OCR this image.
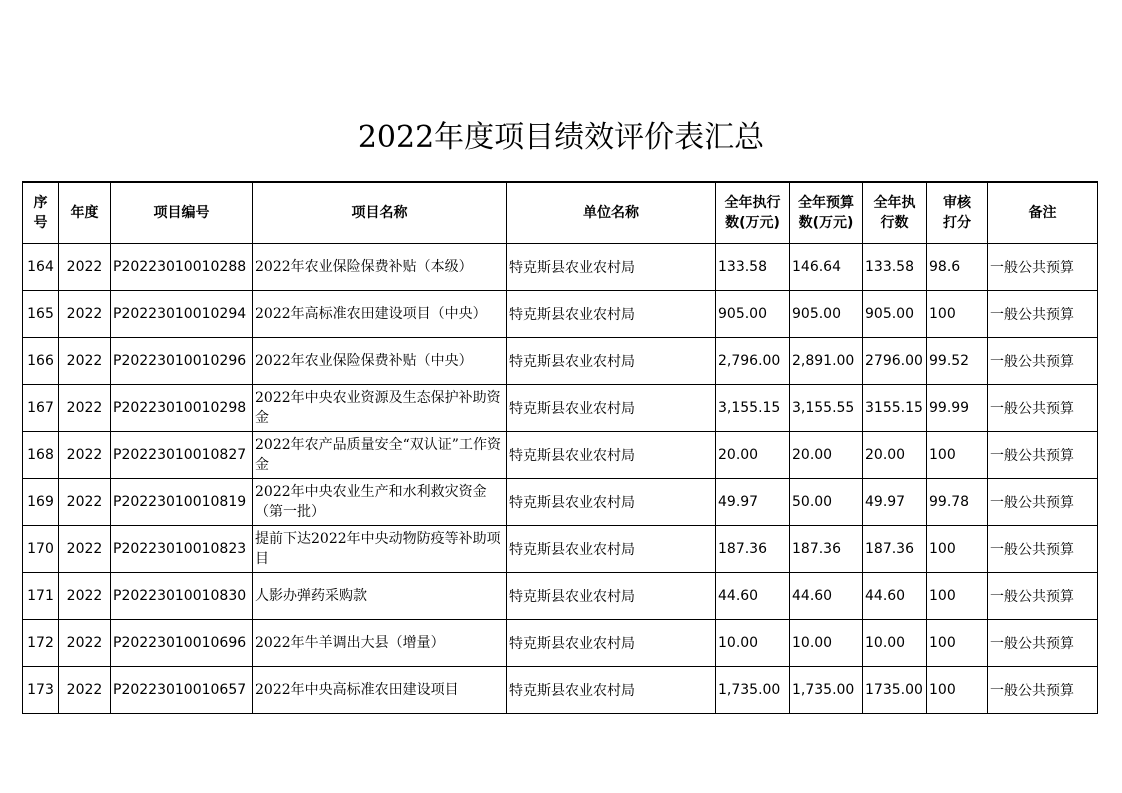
2022年度项目绩效评价表汇总
序号	年度	项目编号	项目名称	单位名称	全年执行数(万元)	全年预算数(万元)	全年执行数	审核打分	备注
164	2022	P20223010010288	2022年农业保险保费补贴（本级）	特克斯县农业农村局	133.58	146.64	133.58	98.6	一般公共预算
165	2022	P20223010010294	2022年高标准农田建设项目（中央）	特克斯县农业农村局	905.00	905.00	905.00	100	一般公共预算
166	2022	P20223010010296	2022年农业保险保费补贴（中央）	特克斯县农业农村局	2,796.00	2,891.00	2796.00	99.52	一般公共预算
167	2022	P20223010010298	2022年中央农业资源及生态保护补助资金	特克斯县农业农村局	3,155.15	3,155.55	3155.15	99.99	一般公共预算
168	2022	P20223010010827	2022年农产品质量安全“双认证”工作资金	特克斯县农业农村局	20.00	20.00	20.00	100	一般公共预算
169	2022	P20223010010819	2022年中央农业生产和水利救灾资金（第一批）	特克斯县农业农村局	49.97	50.00	49.97	99.78	一般公共预算
170	2022	P20223010010823	提前下达2022年中央动物防疫等补助项目	特克斯县农业农村局	187.36	187.36	187.36	100	一般公共预算
171	2022	P20223010010830	人影办弹药采购款	特克斯县农业农村局	44.60	44.60	44.60	100	一般公共预算
172	2022	P20223010010696	2022年牛羊调出大县（增量）	特克斯县农业农村局	10.00	10.00	10.00	100	一般公共预算
173	2022	P20223010010657	2022年中央高标准农田建设项目	特克斯县农业农村局	1,735.00	1,735.00	1735.00	100	一般公共预算
